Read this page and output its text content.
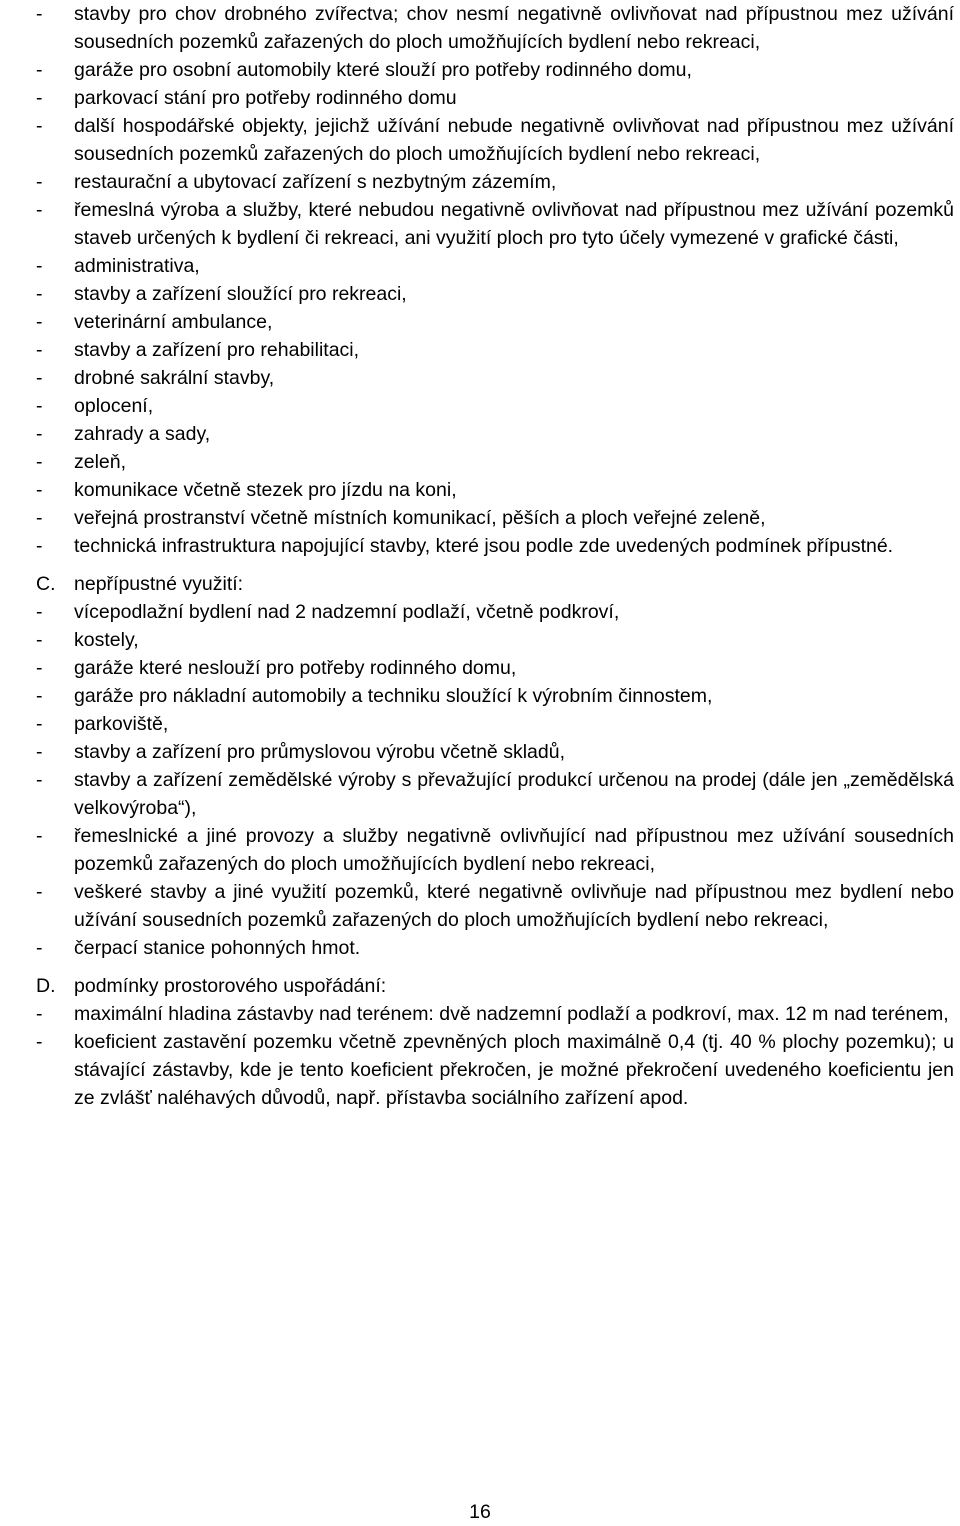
- stavby pro chov drobného zvířectva; chov nesmí negativně ovlivňovat nad přípustnou mez užívání sousedních pozemků zařazených do ploch umožňujících bydlení nebo rekreaci,
- garáže pro osobní automobily které slouží pro potřeby rodinného domu,
- parkovací stání pro potřeby rodinného domu
- další hospodářské objekty, jejichž užívání nebude negativně ovlivňovat nad přípustnou mez užívání sousedních pozemků zařazených do ploch umožňujících bydlení nebo rekreaci,
- restaurační a ubytovací zařízení s nezbytným zázemím,
- řemeslná výroba a služby, které nebudou negativně ovlivňovat nad přípustnou mez užívání pozemků staveb určených k bydlení či rekreaci, ani využití ploch pro tyto účely vymezené v grafické části,
- administrativa,
- stavby a zařízení sloužící pro rekreaci,
- veterinární ambulance,
- stavby a zařízení pro rehabilitaci,
- drobné sakrální stavby,
- oplocení,
- zahrady a sady,
- zeleň,
- komunikace včetně stezek pro jízdu na koni,
- veřejná prostranství včetně místních komunikací, pěších a ploch veřejné zeleně,
- technická infrastruktura napojující stavby, které jsou podle zde uvedených podmínek přípustné.
C. nepřípustné využití:
- vícepodlažní bydlení nad 2 nadzemní podlaží, včetně podkroví,
- kostely,
- garáže které neslouží pro potřeby rodinného domu,
- garáže pro nákladní automobily a techniku sloužící k výrobním činnostem,
- parkoviště,
- stavby a zařízení pro průmyslovou výrobu včetně skladů,
- stavby a zařízení zemědělské výroby s převažující produkcí určenou na prodej (dále jen „zemědělská velkovýroba“),
- řemeslnické a jiné provozy a služby negativně ovlivňující nad přípustnou mez užívání sousedních pozemků zařazených do ploch umožňujících bydlení nebo rekreaci,
- veškeré stavby a jiné využití pozemků, které negativně ovlivňuje nad přípustnou mez bydlení nebo užívání sousedních pozemků zařazených do ploch umožňujících bydlení nebo rekreaci,
- čerpací stanice pohonných hmot.
D. podmínky prostorového uspořádání:
- maximální hladina zástavby nad terénem: dvě nadzemní podlaží a podkroví, max. 12 m nad terénem,
- koeficient zastavění pozemku včetně zpevněných ploch maximálně 0,4 (tj. 40 % plochy pozemku); u stávající zástavby, kde je tento koeficient překročen, je možné překročení uvedeného koeficientu jen ze zvlášť naléhavých důvodů, např. přístavba sociálního zařízení apod.
16
